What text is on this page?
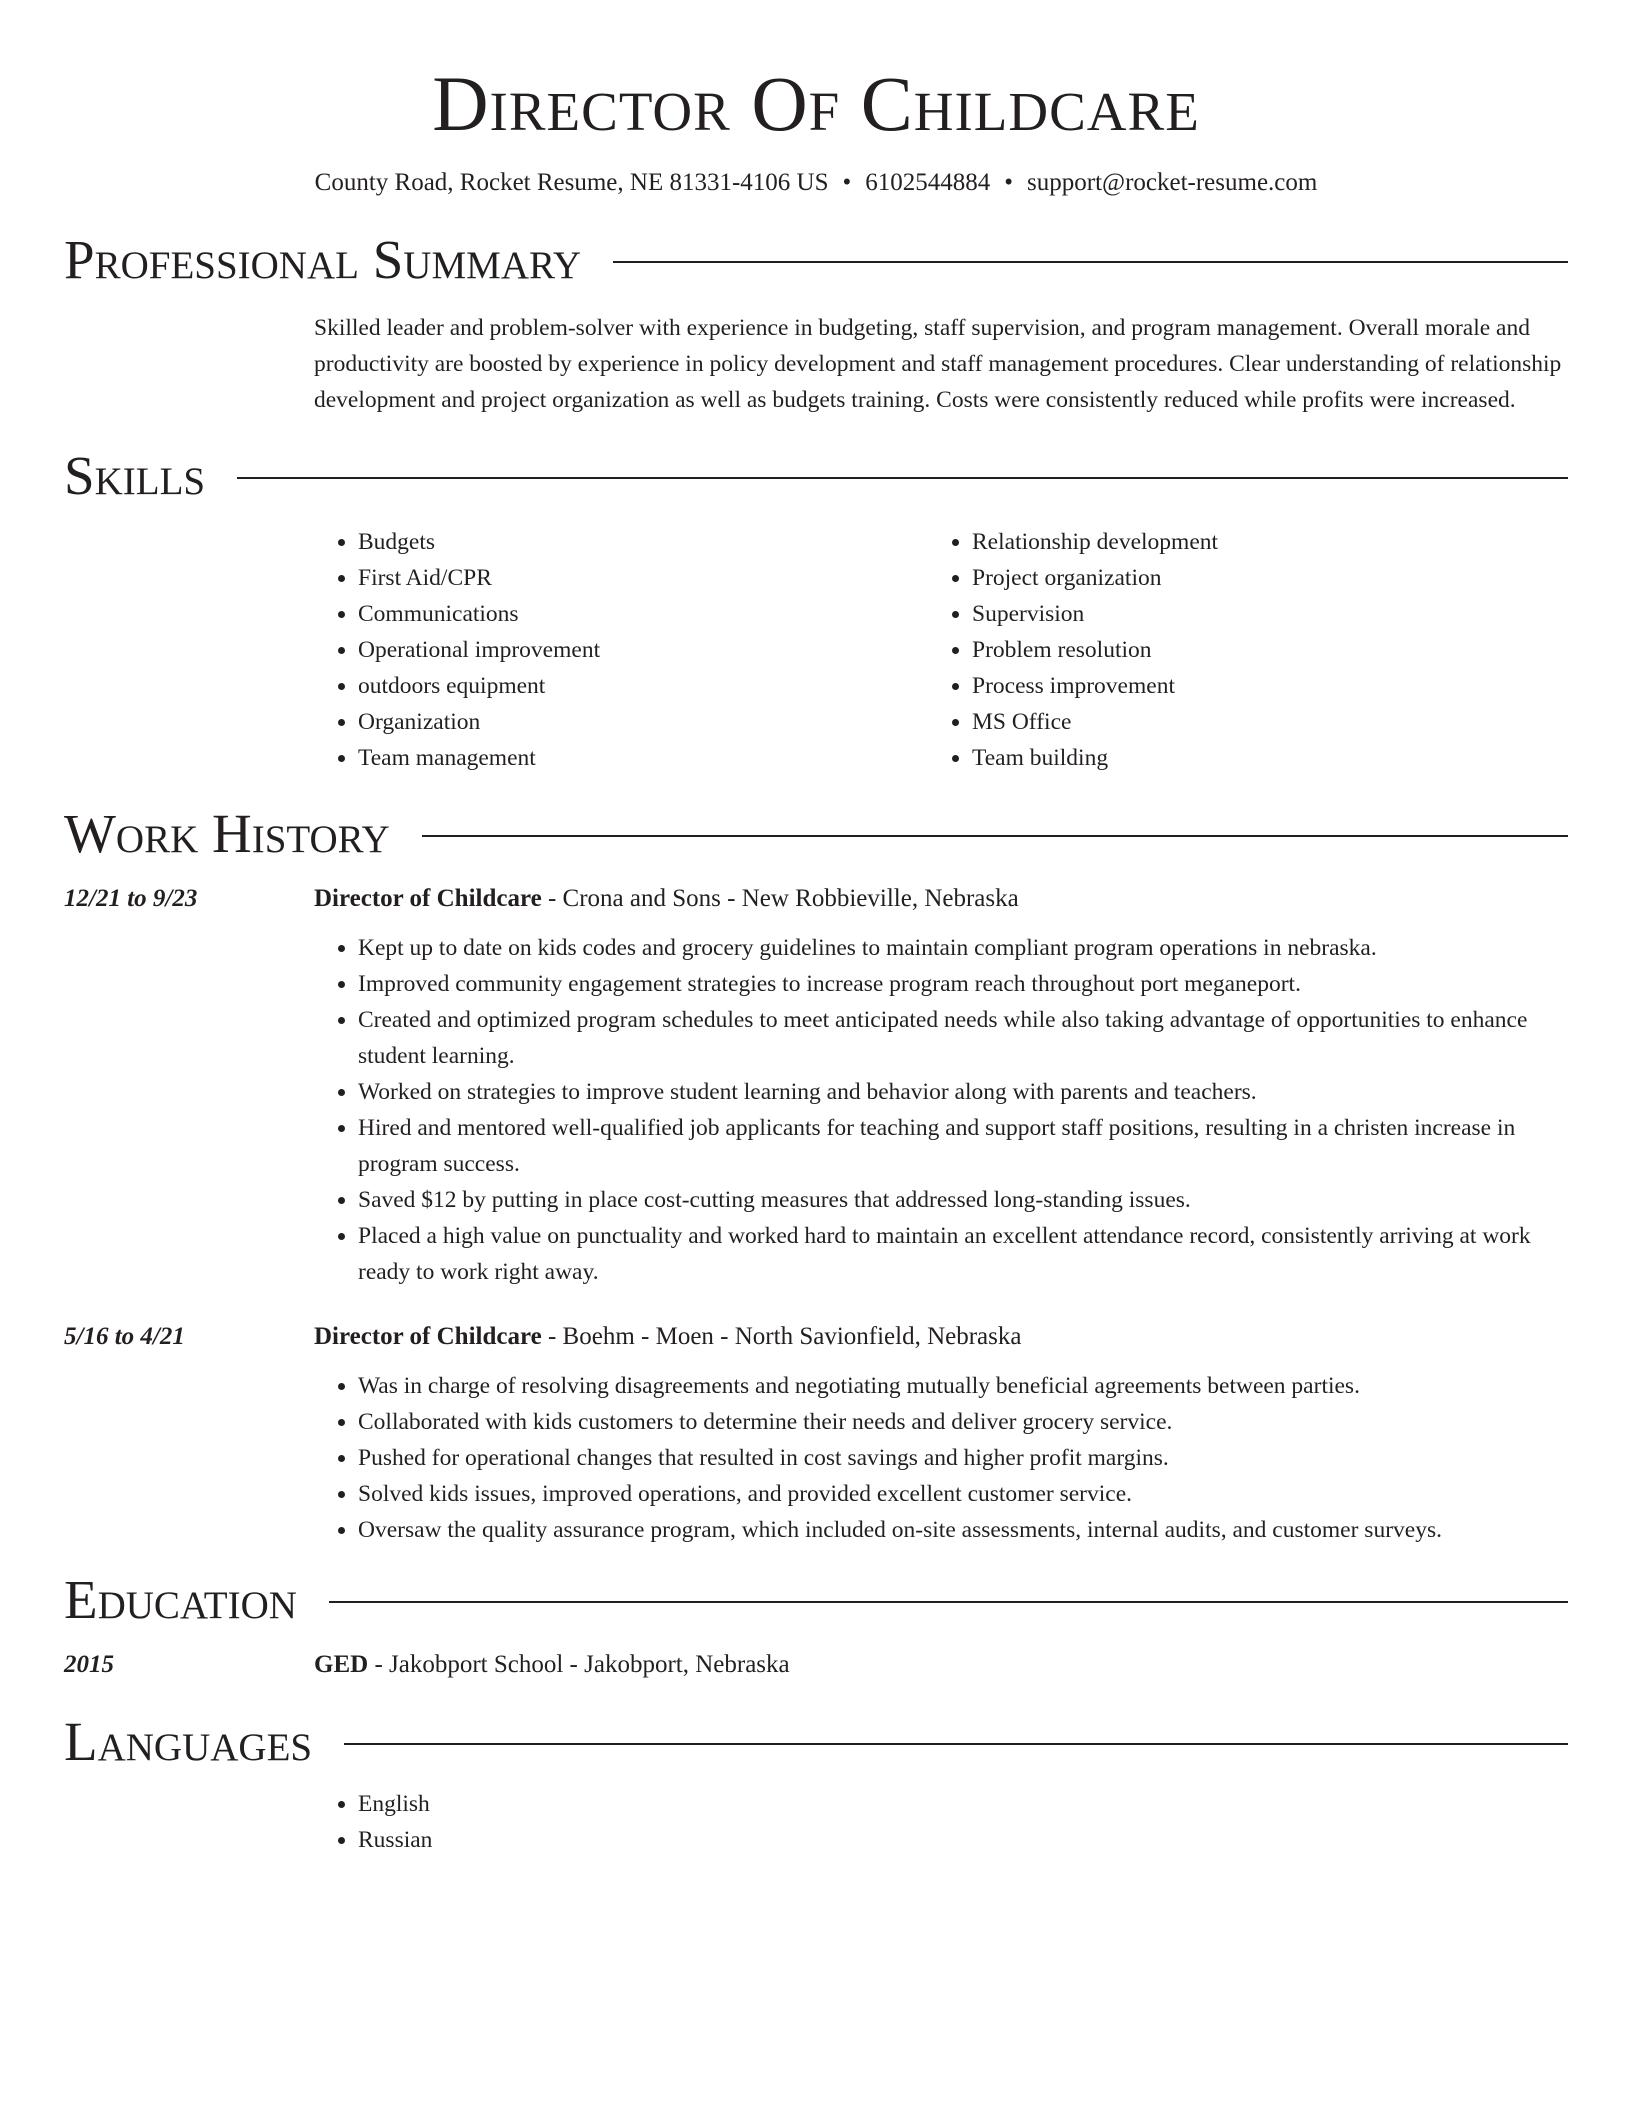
Director Of Childcare
County Road, Rocket Resume, NE 81331-4106 US • 6102544884 • support@rocket-resume.com
Professional Summary
Skilled leader and problem-solver with experience in budgeting, staff supervision, and program management. Overall morale and productivity are boosted by experience in policy development and staff management procedures. Clear understanding of relationship development and project organization as well as budgets training. Costs were consistently reduced while profits were increased.
Skills
• Budgets
• First Aid/CPR
• Communications
• Operational improvement
• outdoors equipment
• Organization
• Team management
• Relationship development
• Project organization
• Supervision
• Problem resolution
• Process improvement
• MS Office
• Team building
Work History
12/21 to 9/23	Director of Childcare - Crona and Sons - New Robbieville, Nebraska
• Kept up to date on kids codes and grocery guidelines to maintain compliant program operations in nebraska.
• Improved community engagement strategies to increase program reach throughout port meganeport.
• Created and optimized program schedules to meet anticipated needs while also taking advantage of opportunities to enhance student learning.
• Worked on strategies to improve student learning and behavior along with parents and teachers.
• Hired and mentored well-qualified job applicants for teaching and support staff positions, resulting in a christen increase in program success.
• Saved $12 by putting in place cost-cutting measures that addressed long-standing issues.
• Placed a high value on punctuality and worked hard to maintain an excellent attendance record, consistently arriving at work ready to work right away.
5/16 to 4/21	Director of Childcare - Boehm - Moen - North Savionfield, Nebraska
• Was in charge of resolving disagreements and negotiating mutually beneficial agreements between parties.
• Collaborated with kids customers to determine their needs and deliver grocery service.
• Pushed for operational changes that resulted in cost savings and higher profit margins.
• Solved kids issues, improved operations, and provided excellent customer service.
• Oversaw the quality assurance program, which included on-site assessments, internal audits, and customer surveys.
Education
2015	GED - Jakobport School - Jakobport, Nebraska
Languages
• English
• Russian
